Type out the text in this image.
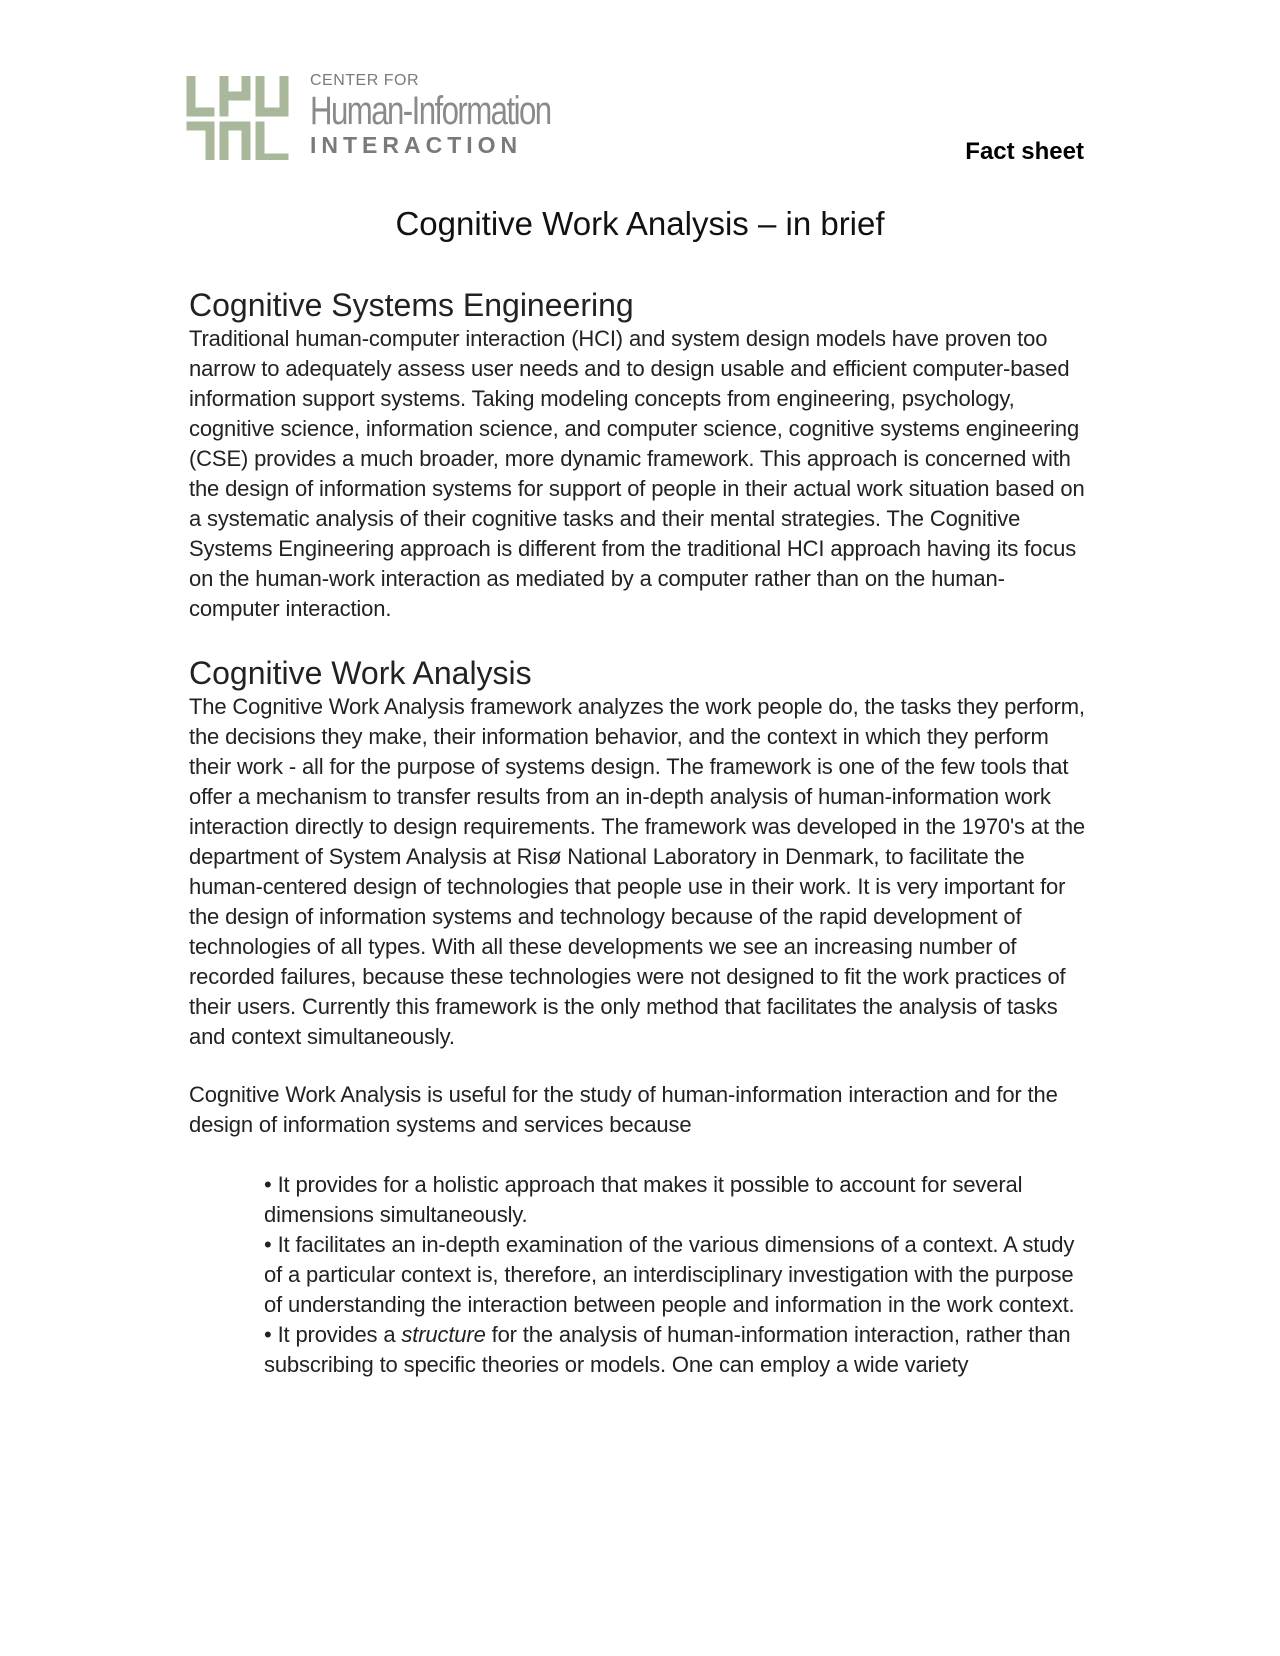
CENTER FOR
Human-Information
INTERACTION	Fact sheet
Cognitive Work Analysis – in brief
Cognitive Systems Engineering

Traditional human-computer interaction (HCI) and system design models have proven too narrow to adequately assess user needs and to design usable and efficient computer-based information support systems. Taking modeling concepts from engineering, psychology, cognitive science, information science, and computer science, cognitive systems engineering (CSE) provides a much broader, more dynamic framework. This approach is concerned with the design of information systems for support of people in their actual work situation based on a systematic analysis of their cognitive tasks and their mental strategies. The Cognitive Systems Engineering approach is different from the traditional HCI approach having its focus on the human-work interaction as mediated by a computer rather than on the human-computer interaction.

Cognitive Work Analysis

The Cognitive Work Analysis framework analyzes the work people do, the tasks they perform, the decisions they make, their information behavior, and the context in which they perform their work - all for the purpose of systems design. The framework is one of the few tools that offer a mechanism to transfer results from an in-depth analysis of human-information work interaction directly to design requirements. The framework was developed in the 1970's at the department of System Analysis at Risø National Laboratory in Denmark, to facilitate the human-centered design of technologies that people use in their work. It is very important for the design of information systems and technology because of the rapid development of technologies of all types. With all these developments we see an increasing number of recorded failures, because these technologies were not designed to fit the work practices of their users. Currently this framework is the only method that facilitates the analysis of tasks and context simultaneously.

Cognitive Work Analysis is useful for the study of human-information interaction and for the design of information systems and services because

• It provides for a holistic approach that makes it possible to account for several dimensions simultaneously.
• It facilitates an in-depth examination of the various dimensions of a context. A study of a particular context is, therefore, an interdisciplinary investigation with the purpose of understanding the interaction between people and information in the work context.
• It provides a structure for the analysis of human-information interaction, rather than subscribing to specific theories or models. One can employ a wide variety
